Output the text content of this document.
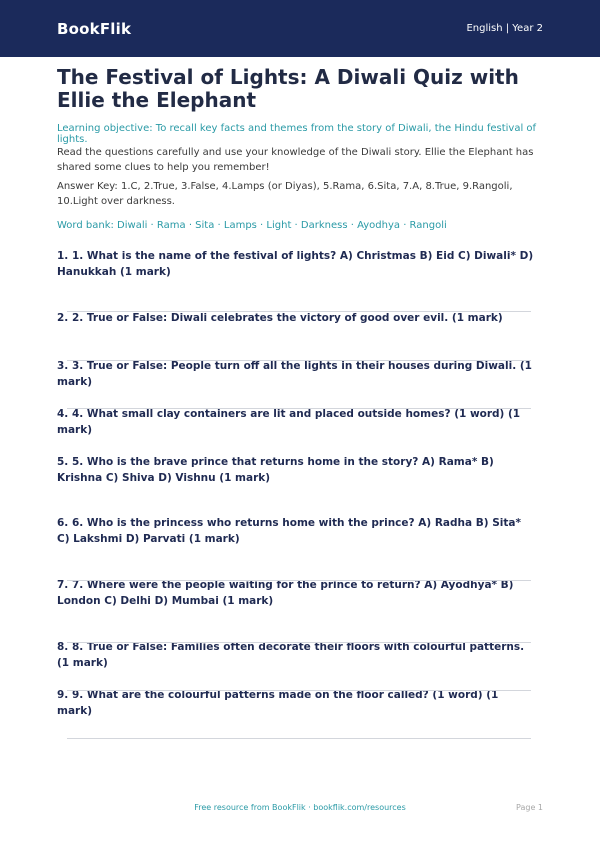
BookFlik	English | Year 2
The Festival of Lights: A Diwali Quiz with Ellie the Elephant

Learning objective: To recall key facts and themes from the story of Diwali, the Hindu festival of lights.

Read the questions carefully and use your knowledge of the Diwali story. Ellie the Elephant has shared some clues to help you remember!

Answer Key: 1.C, 2.True, 3.False, 4.Lamps (or Diyas), 5.Rama, 6.Sita, 7.A, 8.True, 9.Rangoli, 10.Light over darkness.

Word bank: Diwali · Rama · Sita · Lamps · Light · Darkness · Ayodhya · Rangoli

1. 1. What is the name of the festival of lights? A) Christmas B) Eid C) Diwali* D) Hanukkah (1 mark)

2. 2. True or False: Diwali celebrates the victory of good over evil. (1 mark)

3. 3. True or False: People turn off all the lights in their houses during Diwali. (1 mark)

4. 4. What small clay containers are lit and placed outside homes? (1 word) (1 mark)

5. 5. Who is the brave prince that returns home in the story? A) Rama* B) Krishna C) Shiva D) Vishnu (1 mark)

6. 6. Who is the princess who returns home with the prince? A) Radha B) Sita* C) Lakshmi D) Parvati (1 mark)

7. 7. Where were the people waiting for the prince to return? A) Ayodhya* B) London C) Delhi D) Mumbai (1 mark)

8. 8. True or False: Families often decorate their floors with colourful patterns. (1 mark)

9. 9. What are the colourful patterns made on the floor called? (1 word) (1 mark)

Free resource from BookFlik · bookflik.com/resources	Page 1
